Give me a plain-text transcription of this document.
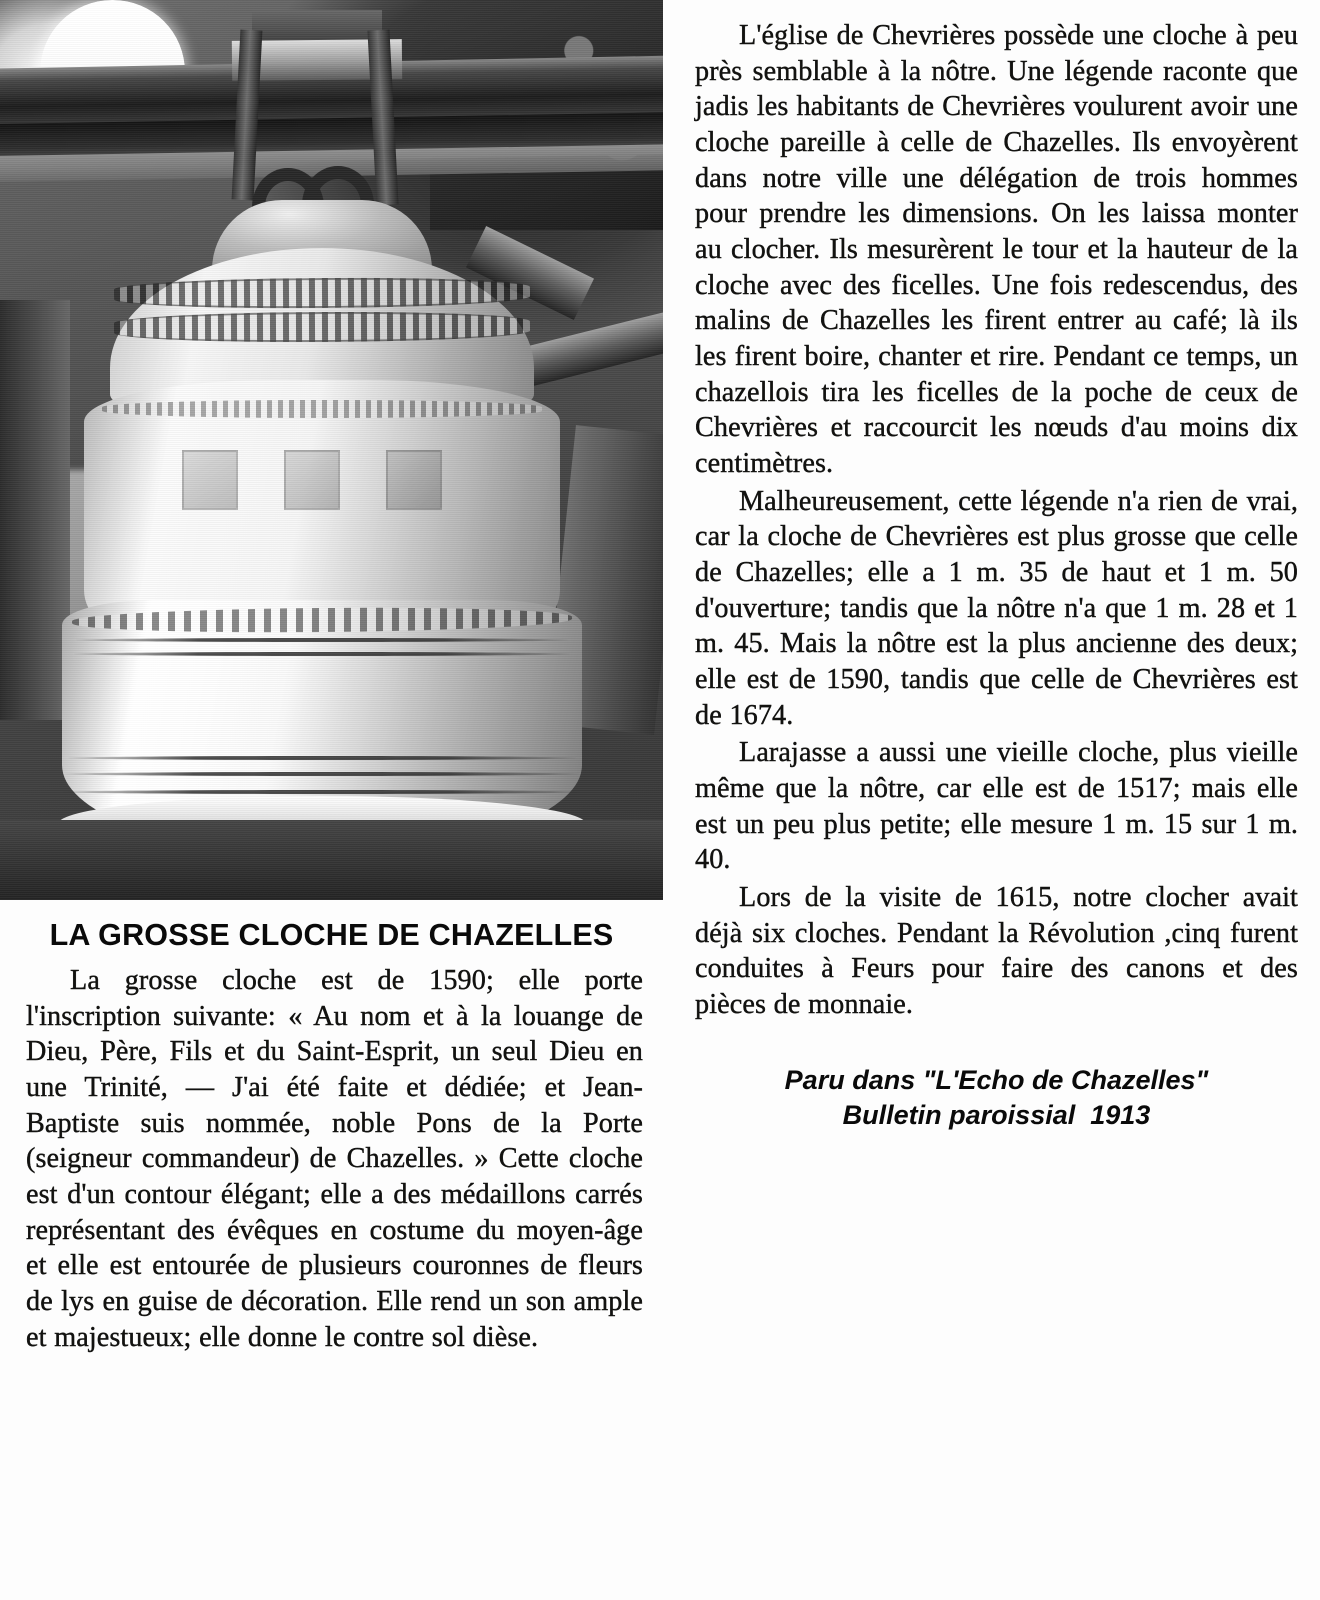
LA GROSSE CLOCHE DE CHAZELLES

La grosse cloche est de 1590; elle porte l'inscription suivante: « Au nom et à la louange de Dieu, Père, Fils et du Saint-Esprit, un seul Dieu en une Trinité, — J'ai été faite et dédiée; et Jean-Baptiste suis nommée, noble Pons de la Porte (seigneur commandeur) de Chazelles. » Cette cloche est d'un contour élégant; elle a des médaillons carrés représentant des évêques en costume du moyen-âge et elle est entourée de plusieurs couronnes de fleurs de lys en guise de décoration. Elle rend un son ample et majestueux; elle donne le contre sol dièse.

L'église de Chevrières possède une cloche à peu près semblable à la nôtre. Une légende raconte que jadis les habitants de Chevrières voulurent avoir une cloche pareille à celle de Chazelles. Ils envoyèrent dans notre ville une délégation de trois hommes pour prendre les dimensions. On les laissa monter au clocher. Ils mesurèrent le tour et la hauteur de la cloche avec des ficelles. Une fois redescendus, des malins de Chazelles les firent entrer au café; là ils les firent boire, chanter et rire. Pendant ce temps, un chazellois tira les ficelles de la poche de ceux de Chevrières et raccourcit les nœuds d'au moins dix centimètres.

Malheureusement, cette légende n'a rien de vrai, car la cloche de Chevrières est plus grosse que celle de Chazelles; elle a 1 m. 35 de haut et 1 m. 50 d'ouverture; tandis que la nôtre n'a que 1 m. 28 et 1 m. 45. Mais la nôtre est la plus ancienne des deux; elle est de 1590, tandis que celle de Chevrières est de 1674.

Larajasse a aussi une vieille cloche, plus vieille même que la nôtre, car elle est de 1517; mais elle est un peu plus petite; elle mesure 1 m. 15 sur 1 m. 40.

Lors de la visite de 1615, notre clocher avait déjà six cloches. Pendant la Révolution ,cinq furent conduites à Feurs pour faire des canons et des pièces de monnaie.

Paru dans "L'Echo de Chazelles"
Bulletin paroissial  1913
